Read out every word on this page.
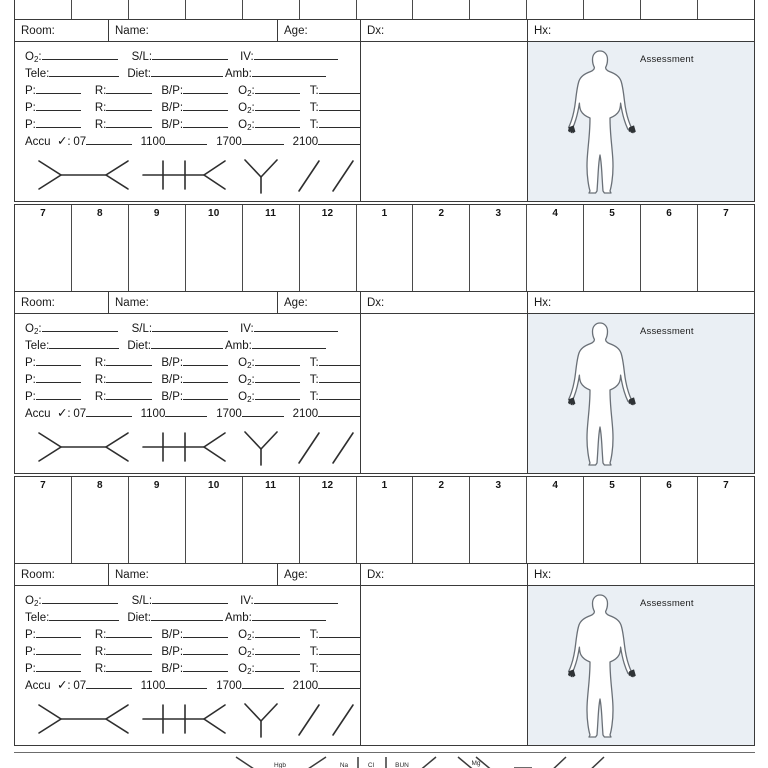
Room:	Name:	Age:	Dx:	Hx:
$O_2$:	S/L:	IV:
Tele:	Diet:	Amb:
P:	R:	B/P:	$O_2$:	T:
P:	R:	B/P:	$O_2$:	T:
P:	R:	B/P:	$O_2$:	T:
Accu ✓ : 07	1100	1700	2100
Assessment
7	8	9	10	11	12	1	2	3	4	5	6	7
Room:	Name:	Age:	Dx:	Hx:
$O_2$:	S/L:	IV:
Tele:	Diet:	Amb:
P:	R:	B/P:	$O_2$:	T:
P:	R:	B/P:	$O_2$:	T:
P:	R:	B/P:	$O_2$:	T:
Accu ✓ : 07	1100	1700	2100
Assessment
7	8	9	10	11	12	1	2	3	4	5	6	7
Room:	Name:	Age:	Dx:	Hx:
$O_2$:	S/L:	IV:
Tele:	Diet:	Amb:
P:	R:	B/P:	$O_2$:	T:
P:	R:	B/P:	$O_2$:	T:
P:	R:	B/P:	$O_2$:	T:
Accu ✓ : 07	1100	1700	2100
Assessment
Hgb	Na	Cl	BUN	Mg
